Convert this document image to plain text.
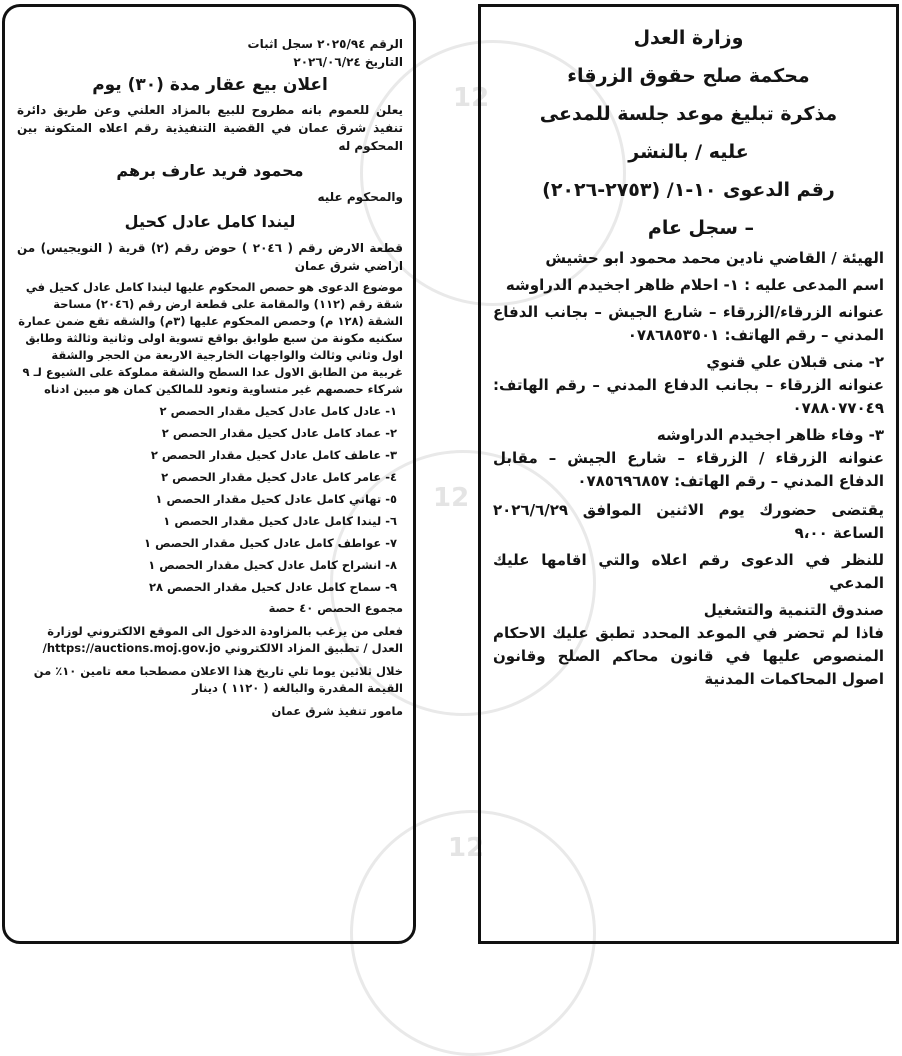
12
12
12
الرقم ٢٠٢٥/٩٤ سجل اثبات
التاريخ ٢٠٢٦/٠٦/٢٤
اعلان بيع عقار مدة (٣٠) يوم
يعلن للعموم بانه مطروح للبيع بالمزاد العلني وعن طريق دائرة تنفيذ شرق عمان في القضية التنفيذية رقم اعلاه المتكونة بين المحكوم له
محمود فريد عارف برهم
والمحكوم عليه
ليندا كامل عادل كحيل
قطعة الارض رقم ( ٢٠٤٦ ) حوض رقم (٢) قرية ( النويجيس) من اراضي شرق عمان
موضوع الدعوى هو حصص المحكوم عليها ليندا كامل عادل كحيل في شقة رقم (١١٢) والمقامة على قطعة ارض رقم (٢٠٤٦) مساحة الشقة (١٢٨ م) وحصص المحكوم عليها (٣م) والشقه تقع ضمن عمارة سكنيه مكونة من سبع طوابق بواقع تسوية اولى وثانية وثالثة وطابق اول وثاني وثالث والواجهات الخارجية الاربعة من الحجر والشقة غربية من الطابق الاول عدا السطح والشقة مملوكة على الشيوع لـ ٩ شركاء حصصهم غير متساوية وتعود للمالكين كمان هو مبين ادناه
١- عادل كامل عادل كحيل مقدار الحصص ٢
٢- عماد كامل عادل كحيل مقدار الحصص ٢
٣- عاطف كامل عادل كحيل مقدار الحصص ٢
٤- عامر كامل عادل كحيل مقدار الحصص ٢
٥- تهاني كامل عادل كحيل مقدار الحصص ١
٦- ليندا كامل عادل كحيل مقدار الحصص ١
٧- عواطف كامل عادل كحيل مقدار الحصص ١
٨- انشراح كامل عادل كحيل مقدار الحصص ١
٩- سماح كامل عادل كحيل مقدار الحصص ٢٨
مجموع الحصص ٤٠ حصة
فعلى من يرغب بالمزاودة الدخول الى الموقع الالكتروني لوزارة العدل / تطبيق المزاد الالكتروني https://auctions.moj.gov.jo/
خلال ثلاثين يوما تلي تاريخ هذا الاعلان مصطحبا معه تامين ١٠٪ من القيمة المقدرة والبالغه ( ١١٢٠ ) دينار
مامور تنفيذ شرق عمان
وزارة العدل
محكمة صلح حقوق الزرقاء
مذكرة تبليغ موعد جلسة للمدعى
عليه / بالنشر
رقم الدعوى ١٠-١/ (٢٧٥٣-٢٠٢٦)
– سجل عام
الهيئة / القاضي نادين محمد محمود ابو حشيش
اسم المدعى عليه : ١- احلام ظاهر اجخيدم الدراوشه
عنوانه الزرقاء/الزرقاء – شارع الجيش – بجانب الدفاع المدني – رقم الهاتف: ٠٧٨٦٨٥٣٥٠١
٢- منى قبلان علي قنوي
عنوانه الزرقاء – بجانب الدفاع المدني – رقم الهاتف: ٠٧٨٨٠٧٧٠٤٩
٣- وفاء ظاهر اجخيدم الدراوشه
عنوانه الزرقاء / الزرقاء – شارع الجيش – مقابل الدفاع المدني – رقم الهاتف: ٠٧٨٥٦٩٦٨٥٧
يقتضى حضورك يوم الاثنين الموافق ٢٠٢٦/٦/٢٩ الساعة ٩،٠٠
للنظر في الدعوى رقم اعلاه والتي اقامها عليك المدعي
صندوق التنمية والتشغيل
فاذا لم تحضر في الموعد المحدد تطبق عليك الاحكام المنصوص عليها في قانون محاكم الصلح وقانون اصول المحاكمات المدنية
